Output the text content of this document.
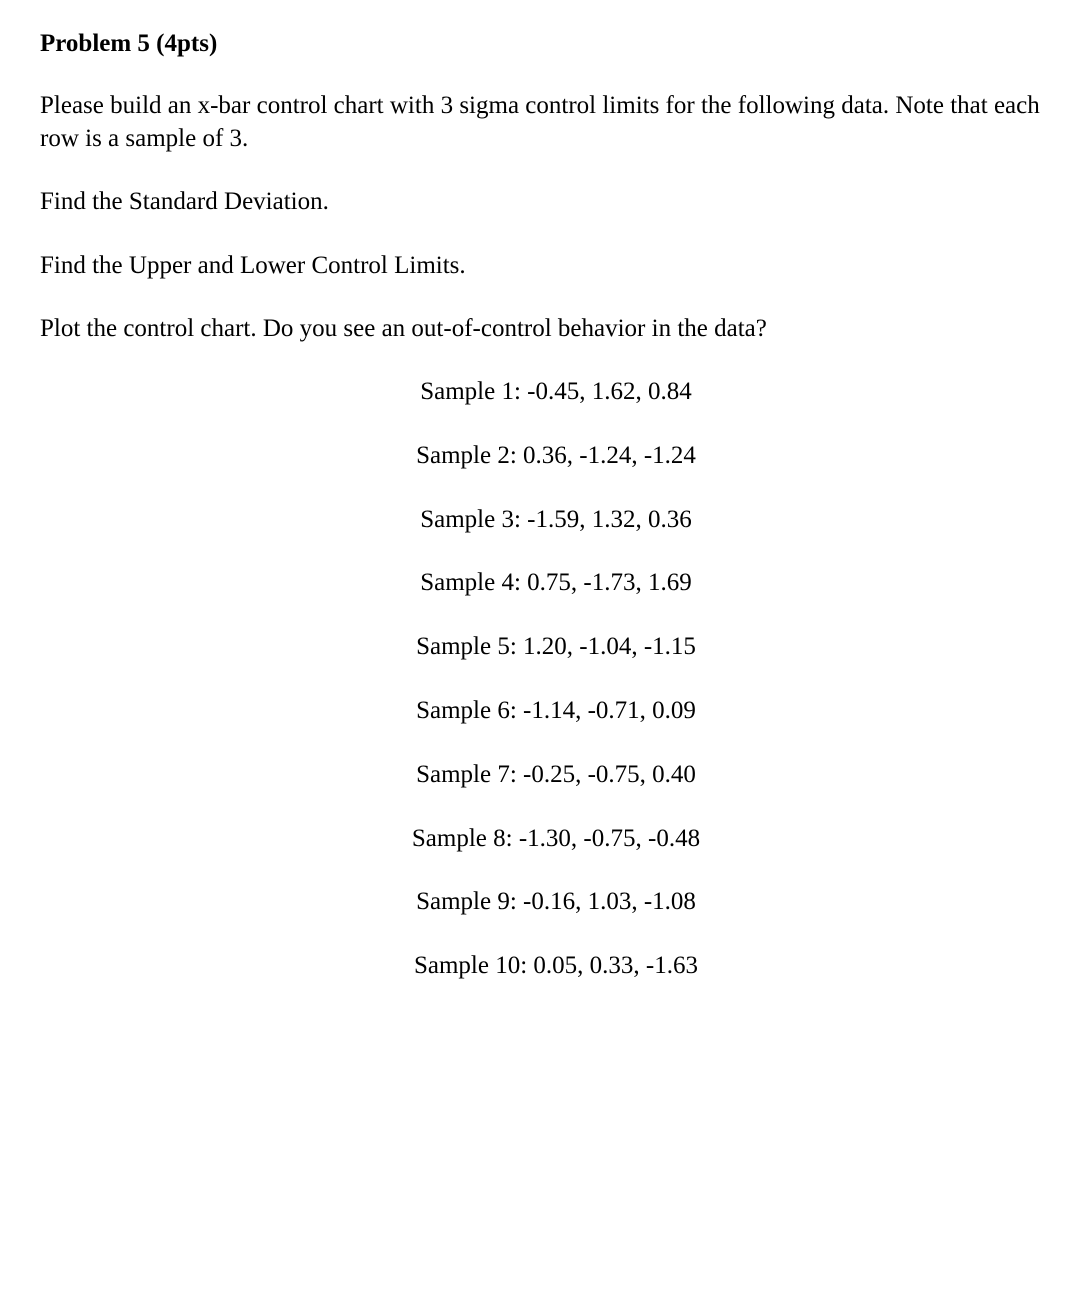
Problem 5 (4pts)

Please build an x-bar control chart with 3 sigma control limits for the following data. Note that each row is a sample of 3.

Find the Standard Deviation.

Find the Upper and Lower Control Limits.

Plot the control chart. Do you see an out-of-control behavior in the data?

Sample 1: -0.45, 1.62, 0.84
Sample 2: 0.36, -1.24, -1.24
Sample 3: -1.59, 1.32, 0.36
Sample 4: 0.75, -1.73, 1.69
Sample 5: 1.20, -1.04, -1.15
Sample 6: -1.14, -0.71, 0.09
Sample 7: -0.25, -0.75, 0.40
Sample 8: -1.30, -0.75, -0.48
Sample 9: -0.16, 1.03, -1.08
Sample 10: 0.05, 0.33, -1.63
